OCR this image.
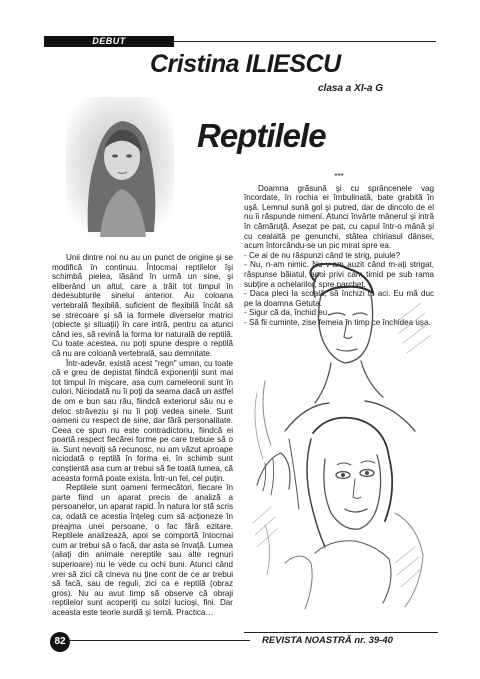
DEBUT
Cristina ILIESCU
clasa a XI-a G
Reptilele

Unii dintre noi nu au un punct de origine şi se modifică în continuu. Întocmai reptilelor îşi schimbă pielea, lăsând în urmă un sine, şi eliberând un altul, care a trăit tot timpul în dedesubturile sinelui anterior. Au coloana vertebrală flexibilă, suficient de flexibilă încât să se strecoare şi să ia formele diverselor matrici (obiecte şi situaţii) în care intră, pentru ca atunci când ies, să revină la forma lor naturală de reptilă. Cu toate acestea, nu poţi spune despre o reptilă că nu are coloană vertebrală, sau demnitate.

Într-adevăr, există acest "regn" uman, cu toate că e greu de depistat fiindcă exponenţii sunt mai tot timpul în mişcare, asa cum cameleonii sunt în culori. Niciodată nu îi poţi da seama dacă un astfel de om e bun sau rău, fiindcă exteriorul său nu e deloc străveziu şi nu îi poţi vedea sinele. Sunt oameni cu respect de sine, dar fără personalitate. Ceea ce spun nu este contradictoriu, fiindcă ei poartă respect fiecărei forme pe care trebuie să o ia. Sunt nevoiţi să recunosc, nu am văzut aproape niciodată o reptilă în forma ei, în schimb sunt conştientă asa cum ar trebui să fie toată lumea, că aceasta formă poate exista. Într-un fel, cel puţin.

Reptilele sunt oameni fermecători, fiecare în parte fiind un aparat precis de analiză a persoanelor, un aparat rapid. În natura lor stă scris ca, odată ce acestia înţeleg cum să acţioneze în preajma unei persoane, o fac fără ezitare. Reptilele analizează, apoi se comportă întocmai cum ar trebui să o facă, dar asta se învaţă. Lumea (aliaţi din animale nereptile sau alte regnuri superioare) nu le vede cu ochi buni. Atunci când vrei să zici că cineva nu ţine cont de ce ar trebui să facă, sau de reguli, zici ca e reptilă (obraz gros). Nu au avut timp să observe că obraji reptilelor sunt acoperiţi cu solzi lucioşi, fini. Dar aceasta este teorie surdă şi ternă. Practica…

***

Doamna grăsună şi cu sprâncenele vag încordate, în rochia ei îmbulinată, bate grabită în uşă. Lemnul sună gol şi putred, dar de dincolo de el nu îi răspunde nimeni. Atunci învârte mânerul şi intră în cămăruţă. Asezat pe pat, cu capul într-o mână şi cu cealaltă pe genunchi, stătea chiriasul dânsei, acum întorcându-se un pic mirat spre ea.

- Ce ai de nu răspunzi când te strig, puiule?

- Nu, n-am nimic. Nu v-am auzit când m-aţi strigat, răspunse băiatul, apoi privi cam timid pe sub rama subţire a ochelarilor, spre parchet.

- Daca pleci la scoală, să închizi tu aci. Eu mă duc pe la doamna Getuta.

- Sigur că da, închid eu.

- Să fii cuminte, zise femeia în timp ce închidea uşa.

82	REVISTA NOASTRĂ nr. 39-40
